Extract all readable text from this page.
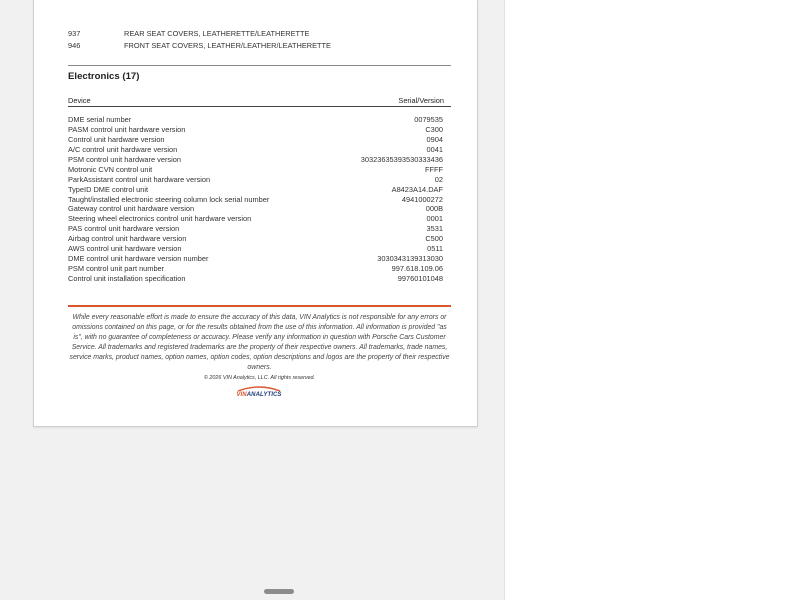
937	REAR SEAT COVERS, LEATHERETTE/LEATHERETTE
946	FRONT SEAT COVERS, LEATHER/LEATHER/LEATHERETTE
Electronics (17)
Device	Serial/Version
DME serial number	0079535
PASM control unit hardware version	C300
Control unit hardware version	0904
A/C control unit hardware version	0041
PSM control unit hardware version	30323635393530333436
Motronic CVN control unit	FFFF
ParkAssistant control unit hardware version	02
TypeID DME control unit	A8423A14.DAF
Taught/installed electronic steering column lock serial number	4941000272
Gateway control unit hardware version	000B
Steering wheel electronics control unit hardware version	0001
PAS control unit hardware version	3531
Airbag control unit hardware version	C500
AWS control unit hardware version	0511
DME control unit hardware version number	3030343139313030
PSM control unit part number	997.618.109.06
Control unit installation specification	99760101048
While every reasonable effort is made to ensure the accuracy of this data, VIN Analytics is not responsible for any errors or omissions contained on this page, or for the results obtained from the use of this information. All information is provided "as is", with no guarantee of completeness or accuracy. Please verify any information in question with Porsche Cars Customer Service. All trademarks and registered trademarks are the property of their respective owners. All trademarks, trade names, service marks, product names, option names, option codes, option descriptions and logos are the property of their respective owners.
© 2026 VIN Analytics, LLC. All rights reserved.
VINANALYTICS
